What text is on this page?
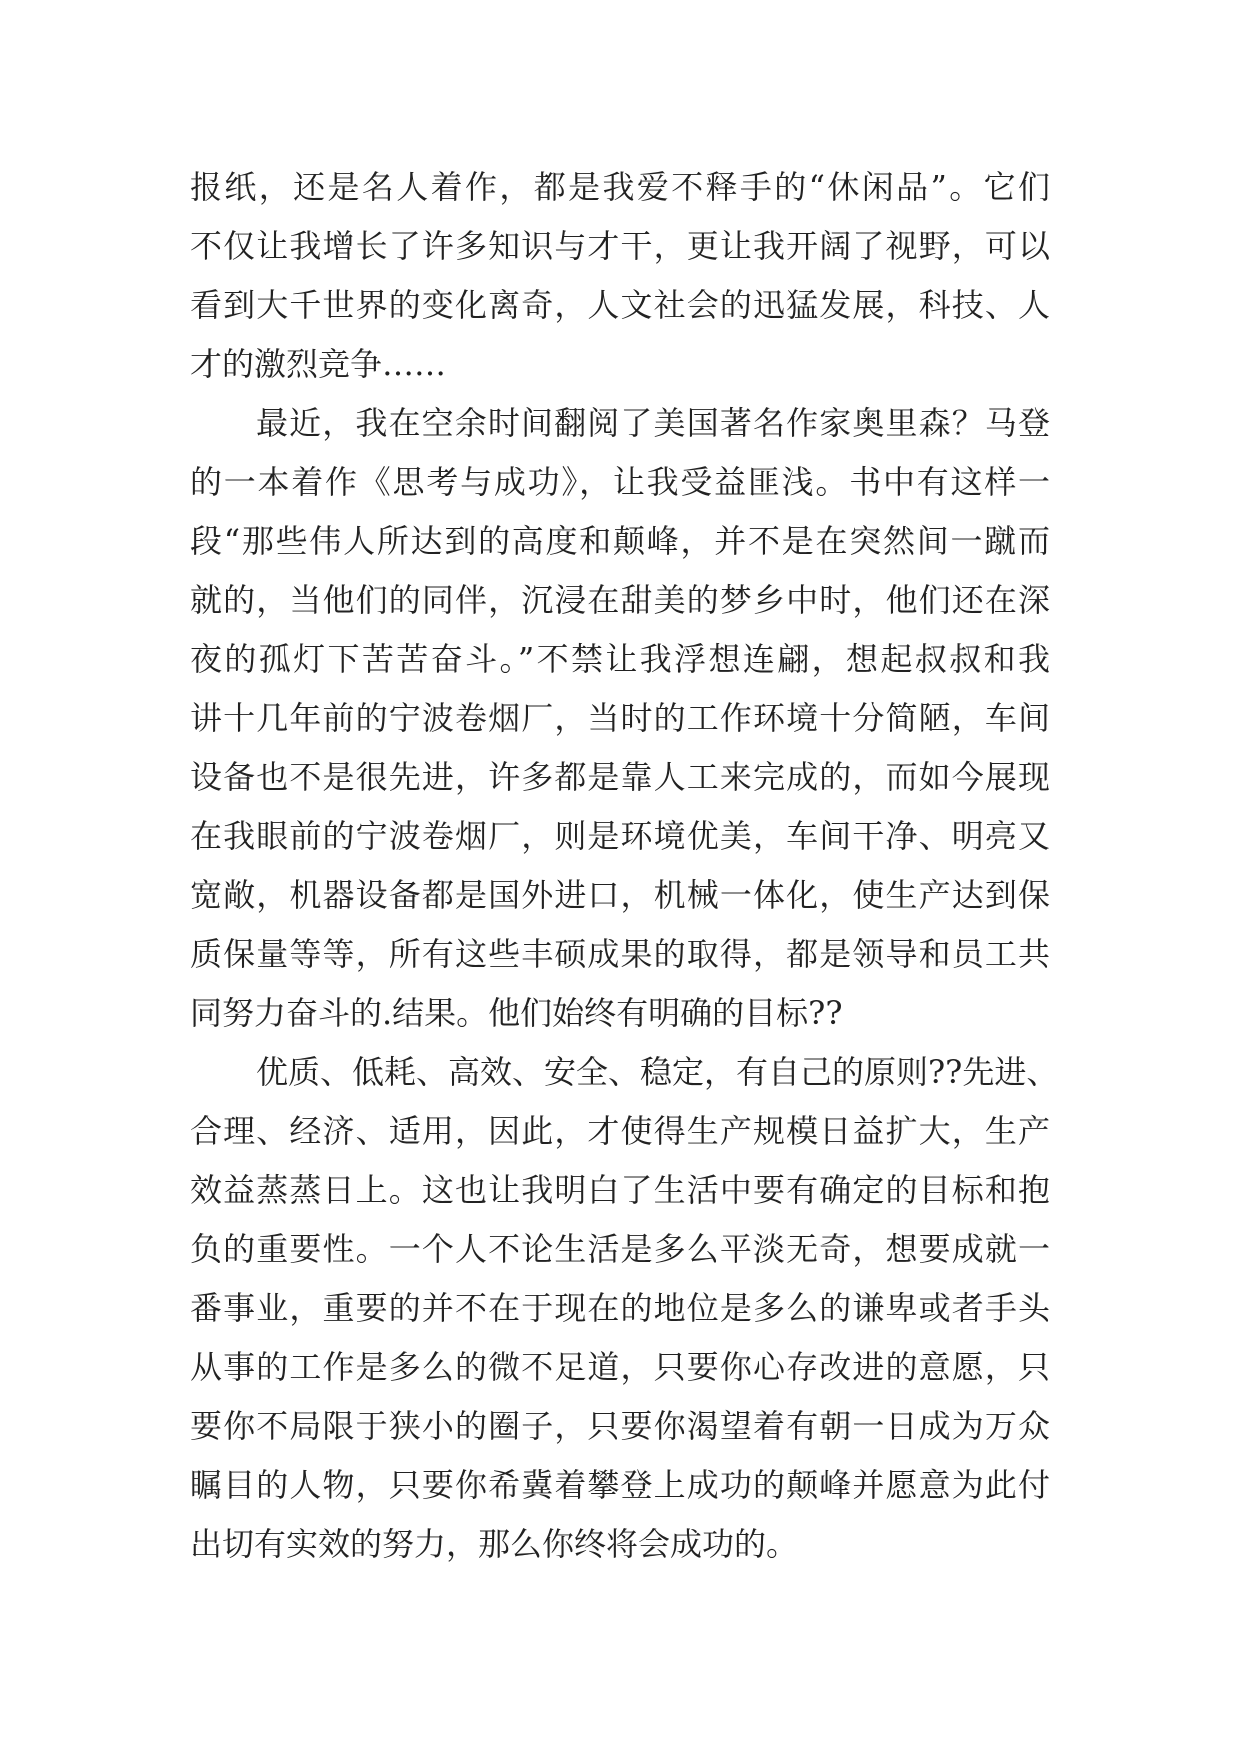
报纸，还是名人着作，都是我爱不释手的“休闲品”。它们
不仅让我增长了许多知识与才干，更让我开阔了视野，可以
看到大千世界的变化离奇，人文社会的迅猛发展，科技、人
才的激烈竞争……
最近，我在空余时间翻阅了美国著名作家奥里森？马登
的一本着作《思考与成功》，让我受益匪浅。书中有这样一
段“那些伟人所达到的高度和颠峰，并不是在突然间一蹴而
就的，当他们的同伴，沉浸在甜美的梦乡中时，他们还在深
夜的孤灯下苦苦奋斗。”不禁让我浮想连翩，想起叔叔和我
讲十几年前的宁波卷烟厂，当时的工作环境十分简陋，车间
设备也不是很先进，许多都是靠人工来完成的，而如今展现
在我眼前的宁波卷烟厂，则是环境优美，车间干净、明亮又
宽敞，机器设备都是国外进口，机械一体化，使生产达到保
质保量等等，所有这些丰硕成果的取得，都是领导和员工共
同努力奋斗的.结果。他们始终有明确的目标??
优质、低耗、高效、安全、稳定，有自己的原则??先进、
合理、经济、适用，因此，才使得生产规模日益扩大，生产
效益蒸蒸日上。这也让我明白了生活中要有确定的目标和抱
负的重要性。一个人不论生活是多么平淡无奇，想要成就一
番事业，重要的并不在于现在的地位是多么的谦卑或者手头
从事的工作是多么的微不足道，只要你心存改进的意愿，只
要你不局限于狭小的圈子，只要你渴望着有朝一日成为万众
瞩目的人物，只要你希冀着攀登上成功的颠峰并愿意为此付
出切有实效的努力，那么你终将会成功的。
